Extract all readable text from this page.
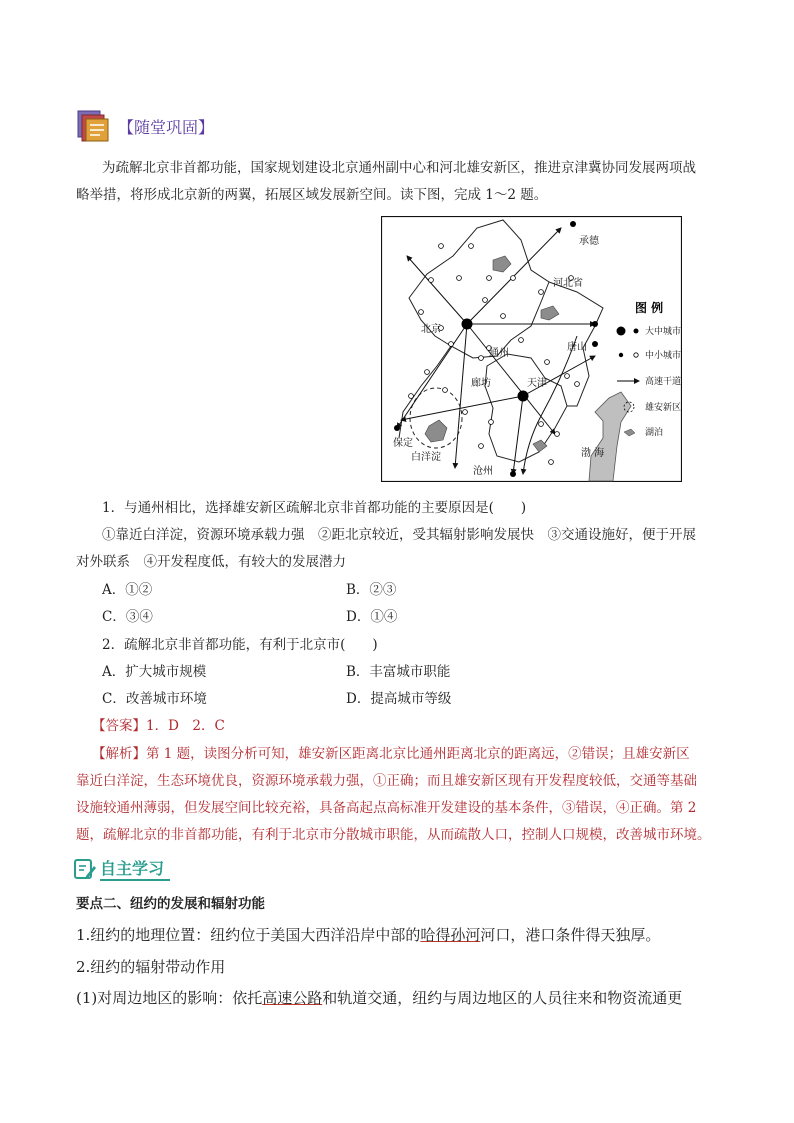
【随堂巩固】
为疏解北京非首都功能，国家规划建设北京通州副中心和河北雄安新区，推进京津冀协同发展两项战
略举措，将形成北京新的两翼，拓展区域发展新空间。读下图，完成 1～2 题。
承德
河北省
北京
通州
唐山
廊坊	天津
保定
白洋淀
沧州
渤 海
图 例
大中城市
中小城市
高速干道
雄安新区
湖泊
1．与通州相比，选择雄安新区疏解北京非首都功能的主要原因是(　　)
①靠近白洋淀，资源环境承载力强　②距北京较近，受其辐射影响发展快　③交通设施好，便于开展
对外联系　④开发程度低，有较大的发展潜力
A．①②	B．②③
C．③④	D．①④
2．疏解北京非首都功能，有利于北京市(　　)
A．扩大城市规模	B．丰富城市职能
C．改善城市环境	D．提高城市等级
【答案】1．D　2．C
【解析】第 1 题，读图分析可知，雄安新区距离北京比通州距离北京的距离远，②错误；且雄安新区
靠近白洋淀，生态环境优良，资源环境承载力强，①正确；而且雄安新区现有开发程度较低，交通等基础
设施较通州薄弱，但发展空间比较充裕，具备高起点高标准开发建设的基本条件，③错误，④正确。第 2
题，疏解北京的非首都功能，有利于北京市分散城市职能，从而疏散人口，控制人口规模，改善城市环境。
自主学习
要点二、纽约的发展和辐射功能
1.纽约的地理位置：纽约位于美国大西洋沿岸中部的哈得孙河河口，港口条件得天独厚。
2.纽约的辐射带动作用
(1)对周边地区的影响：依托高速公路和轨道交通，纽约与周边地区的人员往来和物资流通更
